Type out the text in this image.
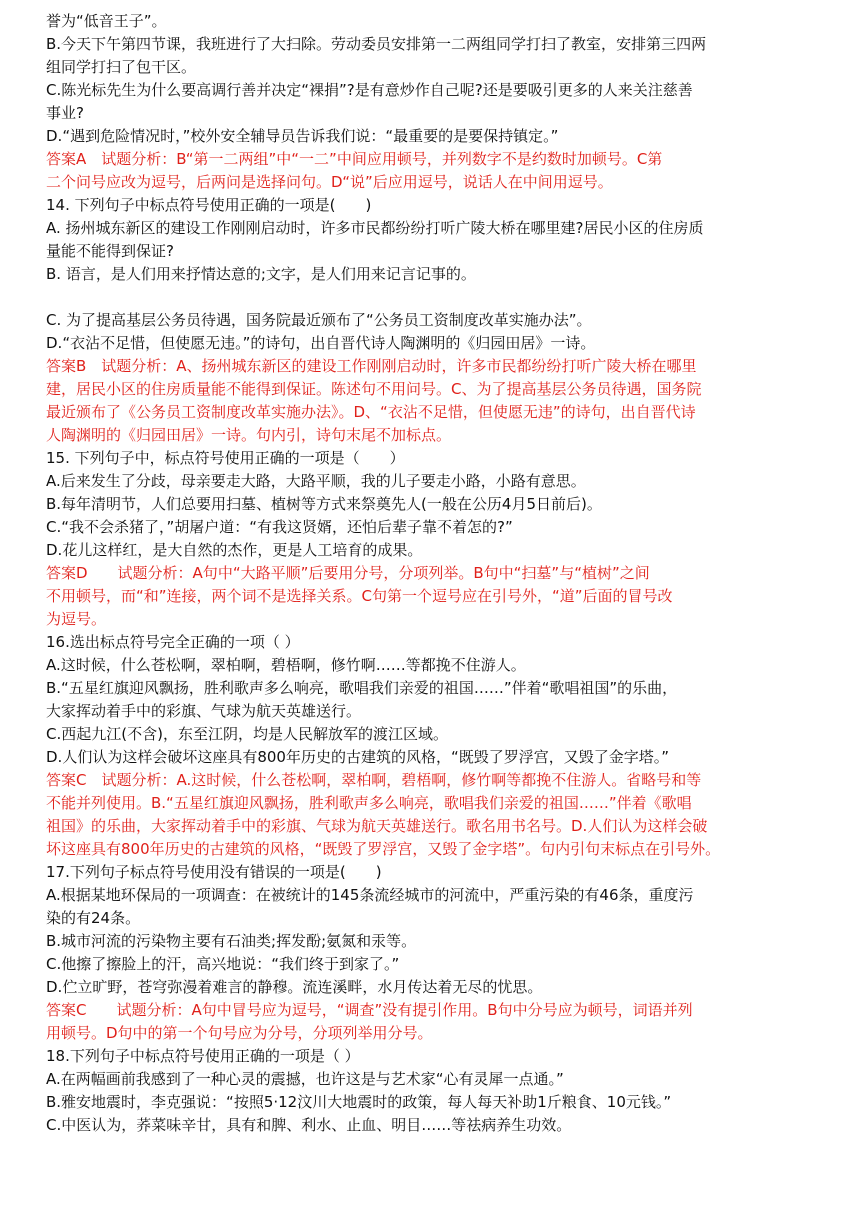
誉为“低音王子”。
B.今天下午第四节课，我班进行了大扫除。劳动委员安排第一二两组同学打扫了教室，安排第三四两
组同学打扫了包干区。
C.陈光标先生为什么要高调行善并决定“裸捐”?是有意炒作自己呢?还是要吸引更多的人来关注慈善
事业?
D.“遇到危险情况时，”校外安全辅导员告诉我们说：“最重要的是要保持镇定。”
答案A　试题分析：B“第一二两组”中“一二”中间应用顿号，并列数字不是约数时加顿号。C第
二个问号应改为逗号，后两问是选择问句。D“说”后应用逗号，说话人在中间用逗号。
14. 下列句子中标点符号使用正确的一项是(　　)
A. 扬州城东新区的建设工作刚刚启动时，许多市民都纷纷打听广陵大桥在哪里建?居民小区的住房质
量能不能得到保证?
B. 语言，是人们用来抒情达意的;文字，是人们用来记言记事的。
C. 为了提高基层公务员待遇，国务院最近颁布了“公务员工资制度改革实施办法”。
D.“衣沾不足惜，但使愿无违。”的诗句，出自晋代诗人陶渊明的《归园田居》一诗。
答案B　试题分析：A、扬州城东新区的建设工作刚刚启动时，许多市民都纷纷打听广陵大桥在哪里
建，居民小区的住房质量能不能得到保证。陈述句不用问号。C、为了提高基层公务员待遇，国务院
最近颁布了《公务员工资制度改革实施办法》。D、“衣沾不足惜，但使愿无违”的诗句，出自晋代诗
人陶渊明的《归园田居》一诗。句内引，诗句末尾不加标点。
15. 下列句子中，标点符号使用正确的一项是（　　）
A.后来发生了分歧，母亲要走大路，大路平顺，我的儿子要走小路，小路有意思。
B.每年清明节，人们总要用扫墓、植树等方式来祭奠先人(一般在公历4月5日前后)。
C.“我不会杀猪了，”胡屠户道：“有我这贤婿，还怕后辈子靠不着怎的?”
D.花儿这样红，是大自然的杰作，更是人工培育的成果。
答案D　　试题分析：A句中“大路平顺”后要用分号，分项列举。B句中“扫墓”与“植树”之间
不用顿号，而“和”连接，两个词不是选择关系。C句第一个逗号应在引号外，“道”后面的冒号改
为逗号。
16.选出标点符号完全正确的一项（ ）
A.这时候，什么苍松啊，翠柏啊，碧梧啊，修竹啊……等都挽不住游人。
B.“五星红旗迎风飘扬，胜利歌声多么响亮，歌唱我们亲爱的祖国……”伴着“歌唱祖国”的乐曲，
大家挥动着手中的彩旗、气球为航天英雄送行。
C.西起九江(不含)，东至江阴，均是人民解放军的渡江区域。
D.人们认为这样会破坏这座具有800年历史的古建筑的风格，“既毁了罗浮宫，又毁了金字塔。”
答案C　试题分析：A.这时候，什么苍松啊，翠柏啊，碧梧啊，修竹啊等都挽不住游人。省略号和等
不能并列使用。B.“五星红旗迎风飘扬，胜利歌声多么响亮，歌唱我们亲爱的祖国……”伴着《歌唱
祖国》的乐曲，大家挥动着手中的彩旗、气球为航天英雄送行。歌名用书名号。D.人们认为这样会破
坏这座具有800年历史的古建筑的风格，“既毁了罗浮宫，又毁了金字塔”。句内引句末标点在引号外。
17.下列句子标点符号使用没有错误的一项是(　　)
A.根据某地环保局的一项调查：在被统计的145条流经城市的河流中，严重污染的有46条，重度污
染的有24条。
B.城市河流的污染物主要有石油类;挥发酚;氨氮和汞等。
C.他擦了擦脸上的汗，高兴地说：“我们终于到家了。”
D.伫立旷野，苍穹弥漫着难言的静穆。流连溪畔，水月传达着无尽的忧思。
答案C　　试题分析：A句中冒号应为逗号，“调查”没有提引作用。B句中分号应为顿号，词语并列
用顿号。D句中的第一个句号应为分号，分项列举用分号。
18.下列句子中标点符号使用正确的一项是（ ）
A.在两幅画前我感到了一种心灵的震撼，也许这是与艺术家“心有灵犀一点通。”
B.雅安地震时，李克强说：“按照5·12汶川大地震时的政策，每人每天补助1斤粮食、10元钱。”
C.中医认为，荞菜味辛甘，具有和脾、利水、止血、明目……等祛病养生功效。
